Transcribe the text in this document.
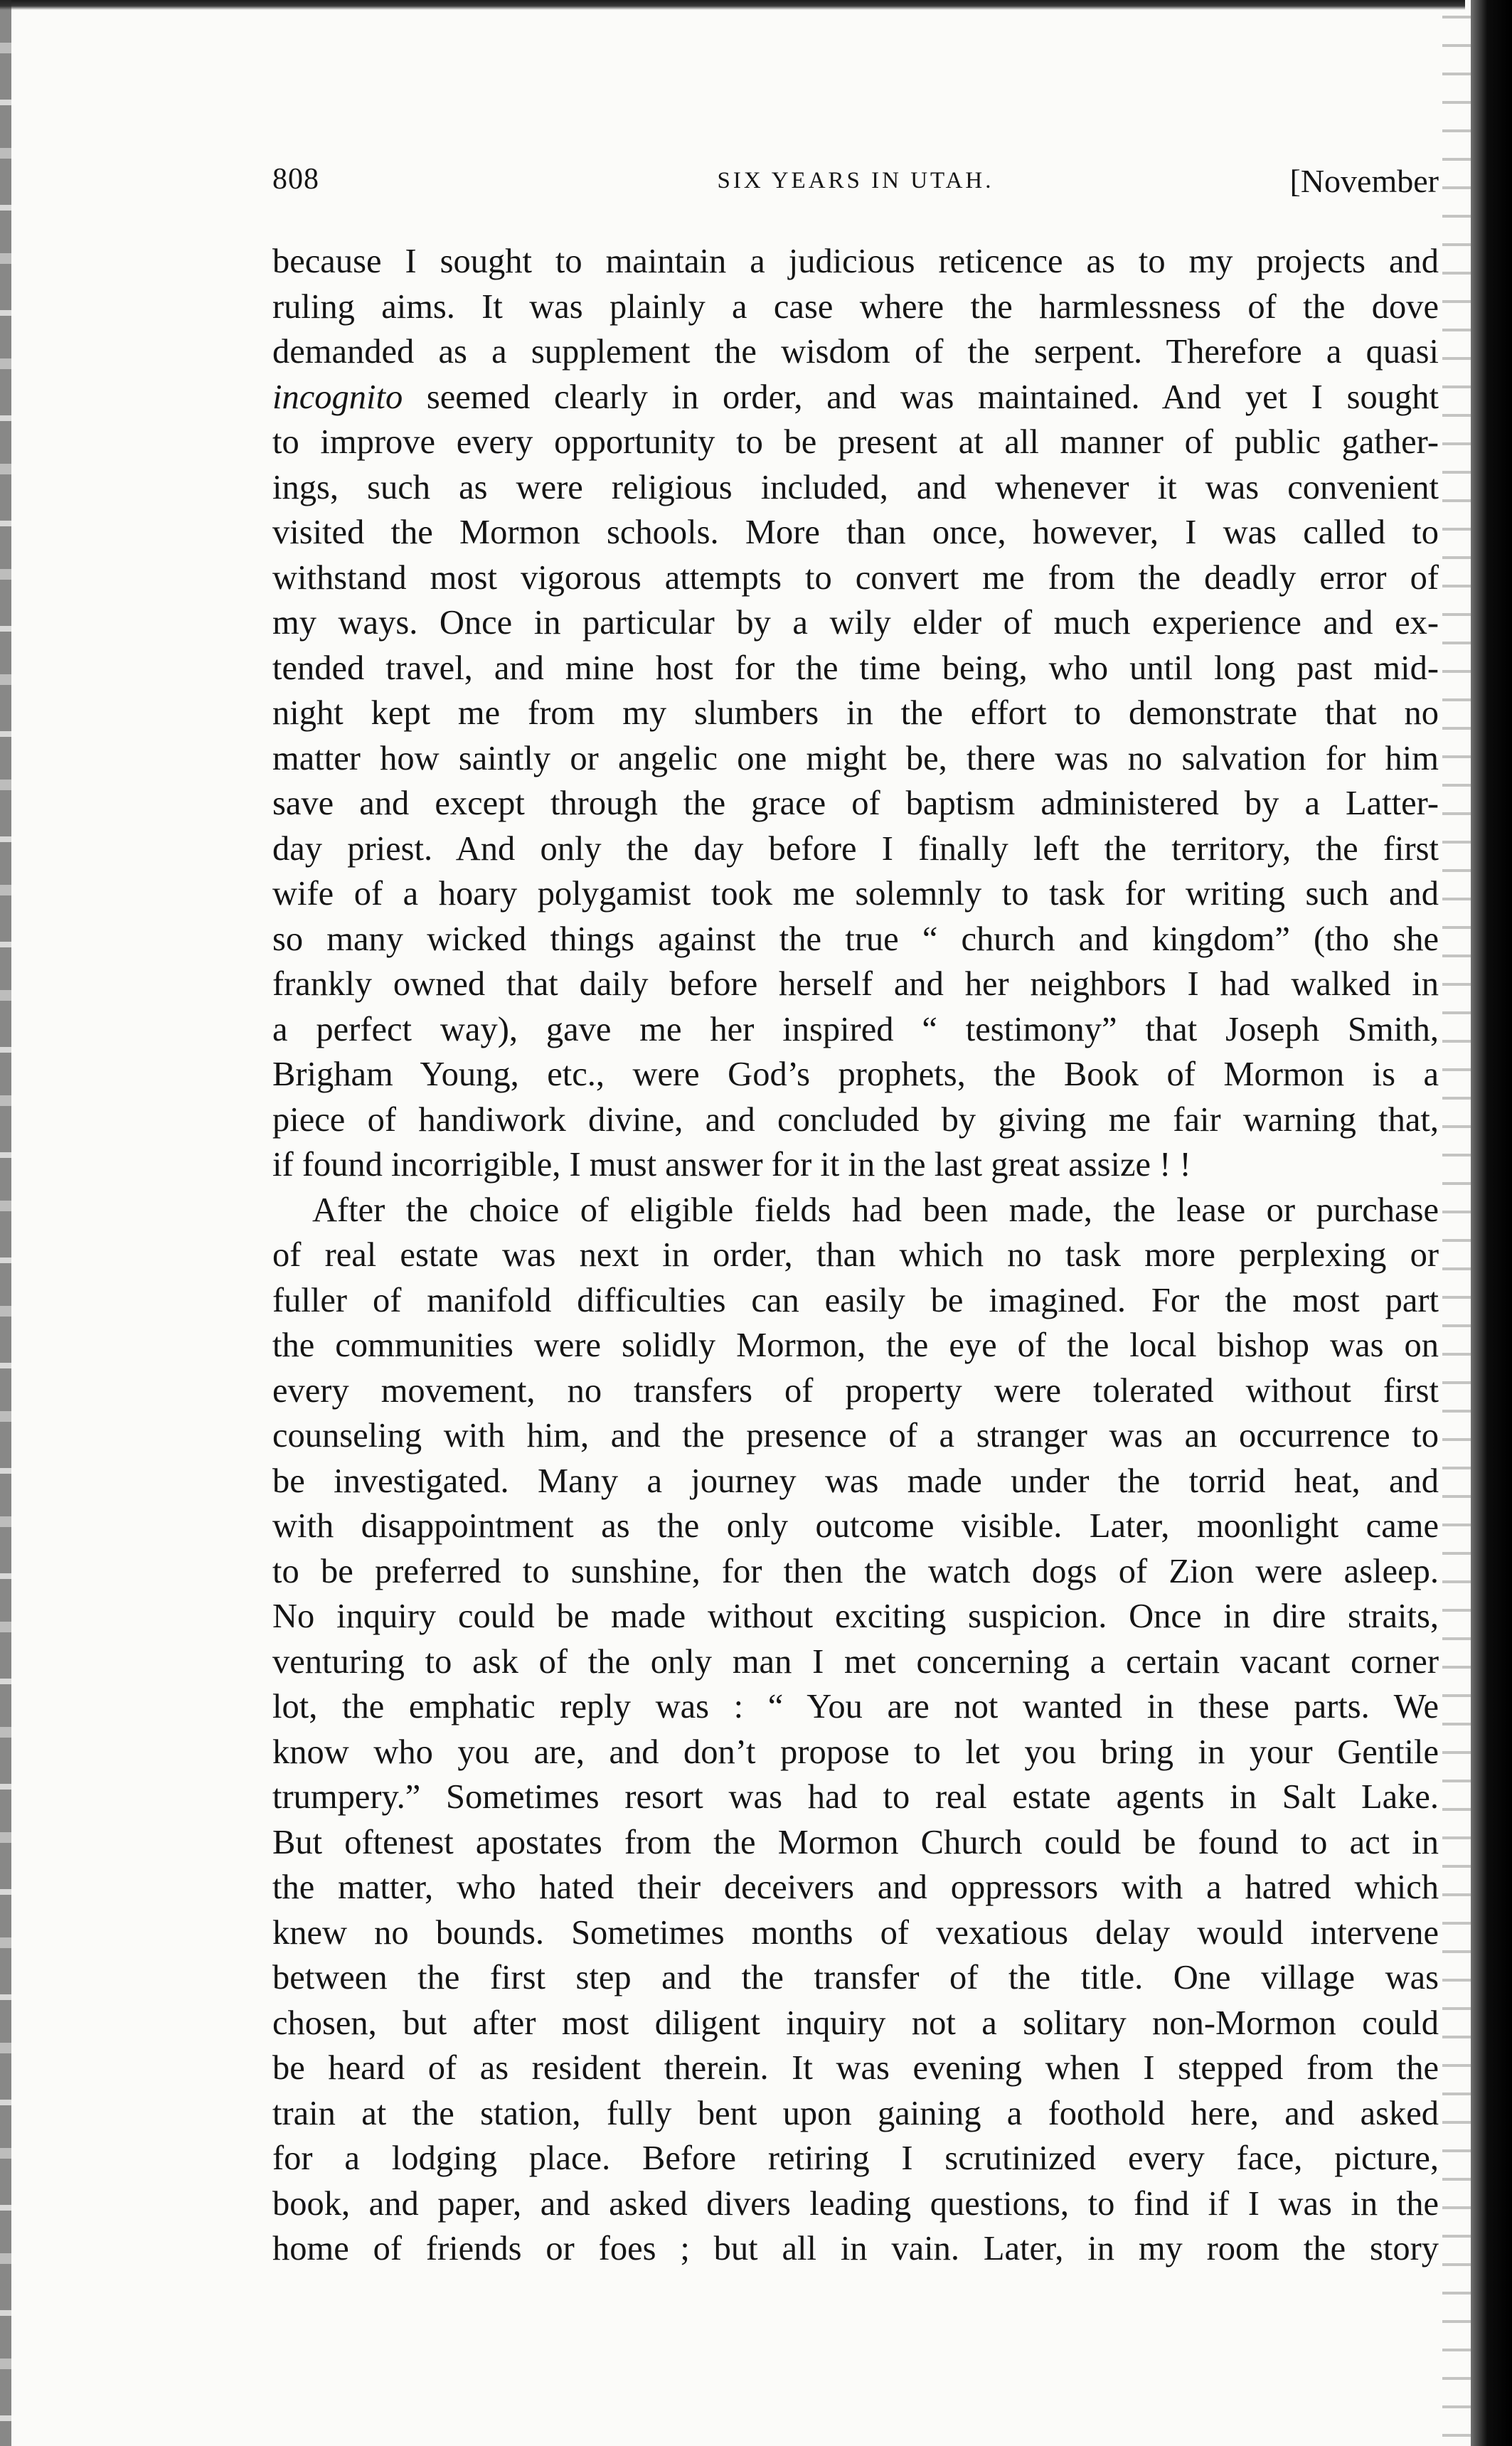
808	SIX YEARS IN UTAH.	[November
because I sought to maintain a judicious reticence as to my projects and
ruling aims. It was plainly a case where the harmlessness of the dove
demanded as a supplement the wisdom of the serpent. Therefore a quasi
incognito seemed clearly in order, and was maintained. And yet I sought
to improve every opportunity to be present at all manner of public gather-
ings, such as were religious included, and whenever it was convenient
visited the Mormon schools. More than once, however, I was called to
withstand most vigorous attempts to convert me from the deadly error of
my ways. Once in particular by a wily elder of much experience and ex-
tended travel, and mine host for the time being, who until long past mid-
night kept me from my slumbers in the effort to demonstrate that no
matter how saintly or angelic one might be, there was no salvation for him
save and except through the grace of baptism administered by a Latter-
day priest. And only the day before I finally left the territory, the first
wife of a hoary polygamist took me solemnly to task for writing such and
so many wicked things against the true “ church and kingdom” (tho she
frankly owned that daily before herself and her neighbors I had walked in
a perfect way), gave me her inspired “ testimony” that Joseph Smith,
Brigham Young, etc., were God’s prophets, the Book of Mormon is a
piece of handiwork divine, and concluded by giving me fair warning that,
if found incorrigible, I must answer for it in the last great assize ! !
After the choice of eligible fields had been made, the lease or purchase
of real estate was next in order, than which no task more perplexing or
fuller of manifold difficulties can easily be imagined. For the most part
the communities were solidly Mormon, the eye of the local bishop was on
every movement, no transfers of property were tolerated without first
counseling with him, and the presence of a stranger was an occurrence to
be investigated. Many a journey was made under the torrid heat, and
with disappointment as the only outcome visible. Later, moonlight came
to be preferred to sunshine, for then the watch dogs of Zion were asleep.
No inquiry could be made without exciting suspicion. Once in dire straits,
venturing to ask of the only man I met concerning a certain vacant corner
lot, the emphatic reply was : “ You are not wanted in these parts. We
know who you are, and don’t propose to let you bring in your Gentile
trumpery.” Sometimes resort was had to real estate agents in Salt Lake.
But oftenest apostates from the Mormon Church could be found to act in
the matter, who hated their deceivers and oppressors with a hatred which
knew no bounds. Sometimes months of vexatious delay would intervene
between the first step and the transfer of the title. One village was
chosen, but after most diligent inquiry not a solitary non-Mormon could
be heard of as resident therein. It was evening when I stepped from the
train at the station, fully bent upon gaining a foothold here, and asked
for a lodging place. Before retiring I scrutinized every face, picture,
book, and paper, and asked divers leading questions, to find if I was in the
home of friends or foes ; but all in vain. Later, in my room the story
